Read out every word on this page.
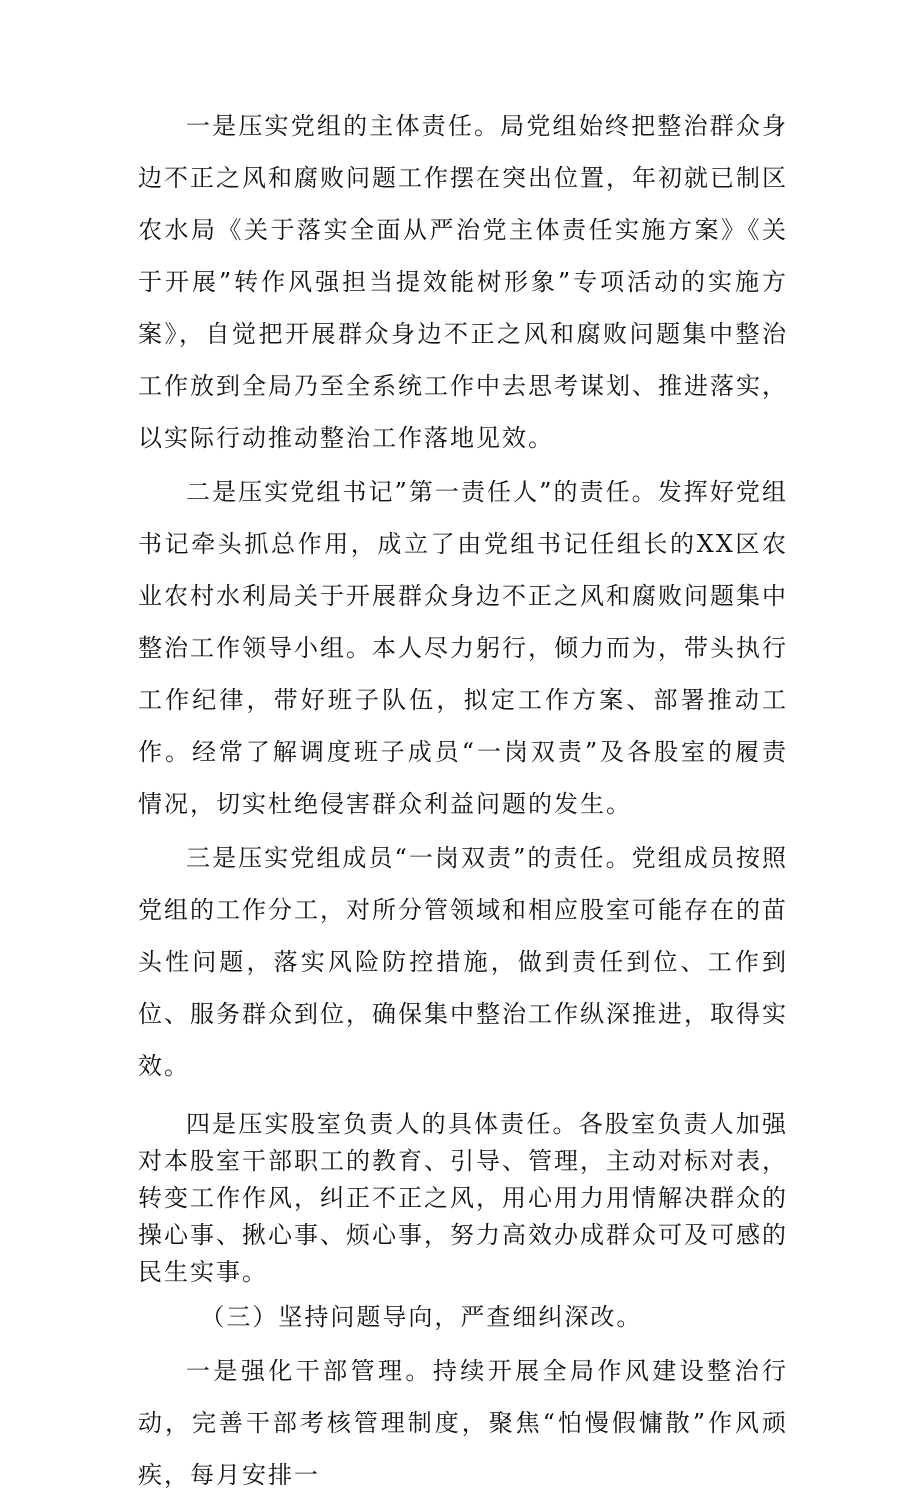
一是压实党组的主体责任。局党组始终把整治群众身边不正之风和腐败问题工作摆在突出位置，年初就已制区农水局《关于落实全面从严治党主体责任实施方案》《关于开展”转作风强担当提效能树形象”专项活动的实施方案》，自觉把开展群众身边不正之风和腐败问题集中整治工作放到全局乃至全系统工作中去思考谋划、推进落实，以实际行动推动整治工作落地见效。

二是压实党组书记”第一责任人”的责任。发挥好党组书记牵头抓总作用，成立了由党组书记任组长的XX区农业农村水利局关于开展群众身边不正之风和腐败问题集中整治工作领导小组。本人尽力躬行，倾力而为，带头执行工作纪律，带好班子队伍，拟定工作方案、部署推动工作。经常了解调度班子成员“一岗双责”及各股室的履责情况，切实杜绝侵害群众利益问题的发生。

三是压实党组成员“一岗双责”的责任。党组成员按照党组的工作分工，对所分管领域和相应股室可能存在的苗头性问题，落实风险防控措施，做到责任到位、工作到位、服务群众到位，确保集中整治工作纵深推进，取得实效。

四是压实股室负责人的具体责任。各股室负责人加强对本股室干部职工的教育、引导、管理，主动对标对表，转变工作作风，纠正不正之风，用心用力用情解决群众的操心事、揪心事、烦心事，努力高效办成群众可及可感的民生实事。

（三）坚持问题导向，严查细纠深改。

一是强化干部管理。持续开展全局作风建设整治行动，完善干部考核管理制度，聚焦“怕慢假慵散”作风顽疾，每月安排一
